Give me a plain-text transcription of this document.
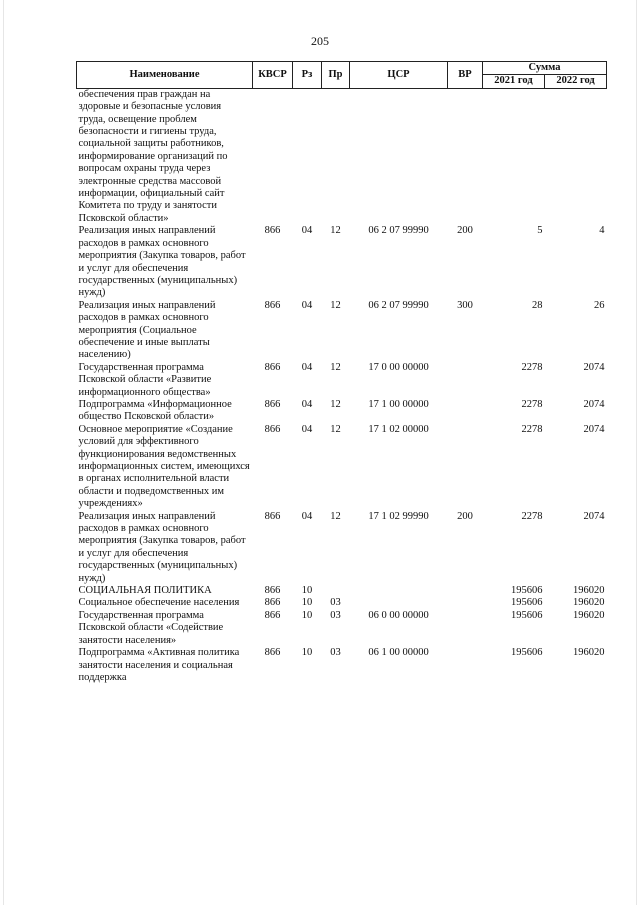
205
Наименование	КВСР	Рз	Пр	ЦСР	ВР	Сумма	
						2021 год	2022 год
обеспечения прав граждан на здоровые и безопасные условия труда, освещение проблем безопасности и гигиены труда, социальной защиты работников, информирование организаций по вопросам охраны труда через электронные средства массовой информации, официальный сайт Комитета по труду и занятости Псковской области»							
Реализация иных направлений расходов в рамках основного мероприятия (Закупка товаров, работ и услуг для обеспечения государственных (муниципальных) нужд)	866	04	12	06 2 07 99990	200	5	4
Реализация иных направлений расходов в рамках основного мероприятия (Социальное обеспечение и иные выплаты населению)	866	04	12	06 2 07 99990	300	28	26
Государственная программа Псковской области «Развитие информационного общества»	866	04	12	17 0 00 00000		2278	2074
Подпрограмма «Информационное общество Псковской области»	866	04	12	17 1 00 00000		2278	2074
Основное мероприятие «Создание условий для эффективного функционирования ведомственных информационных систем, имеющихся в органах исполнительной власти области и подведомственных им учреждениях»	866	04	12	17 1 02 00000		2278	2074
Реализация иных направлений расходов в рамках основного мероприятия (Закупка товаров, работ и услуг для обеспечения государственных (муниципальных) нужд)	866	04	12	17 1 02 99990	200	2278	2074
СОЦИАЛЬНАЯ ПОЛИТИКА	866	10				195606	196020
Социальное обеспечение населения	866	10	03			195606	196020
Государственная программа Псковской области «Содействие занятости населения»	866	10	03	06 0 00 00000		195606	196020
Подпрограмма «Активная политика занятости населения и социальная поддержка	866	10	03	06 1 00 00000		195606	196020
